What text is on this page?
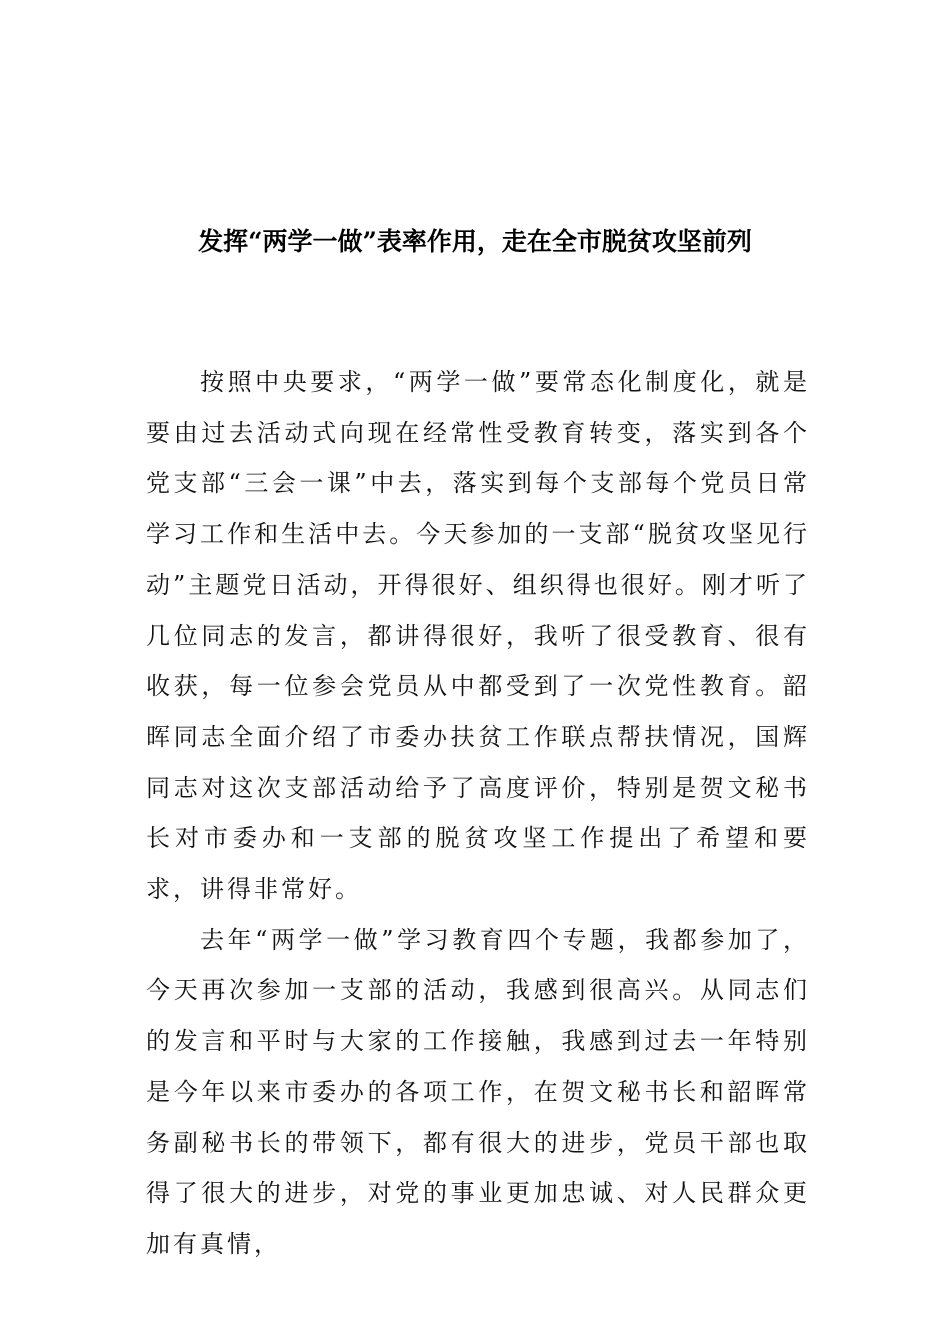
发挥“两学一做”表率作用，走在全市脱贫攻坚前列

按照中央要求，“两学一做”要常态化制度化，就是要由过去活动式向现在经常性受教育转变，落实到各个党支部“三会一课”中去，落实到每个支部每个党员日常学习工作和生活中去。今天参加的一支部“脱贫攻坚见行动”主题党日活动，开得很好、组织得也很好。刚才听了几位同志的发言，都讲得很好，我听了很受教育、很有收获，每一位参会党员从中都受到了一次党性教育。韶晖同志全面介绍了市委办扶贫工作联点帮扶情况，国辉同志对这次支部活动给予了高度评价，特别是贺文秘书长对市委办和一支部的脱贫攻坚工作提出了希望和要求，讲得非常好。

去年“两学一做”学习教育四个专题，我都参加了，今天再次参加一支部的活动，我感到很高兴。从同志们的发言和平时与大家的工作接触，我感到过去一年特别是今年以来市委办的各项工作，在贺文秘书长和韶晖常务副秘书长的带领下，都有很大的进步，党员干部也取得了很大的进步，对党的事业更加忠诚、对人民群众更加有真情，
